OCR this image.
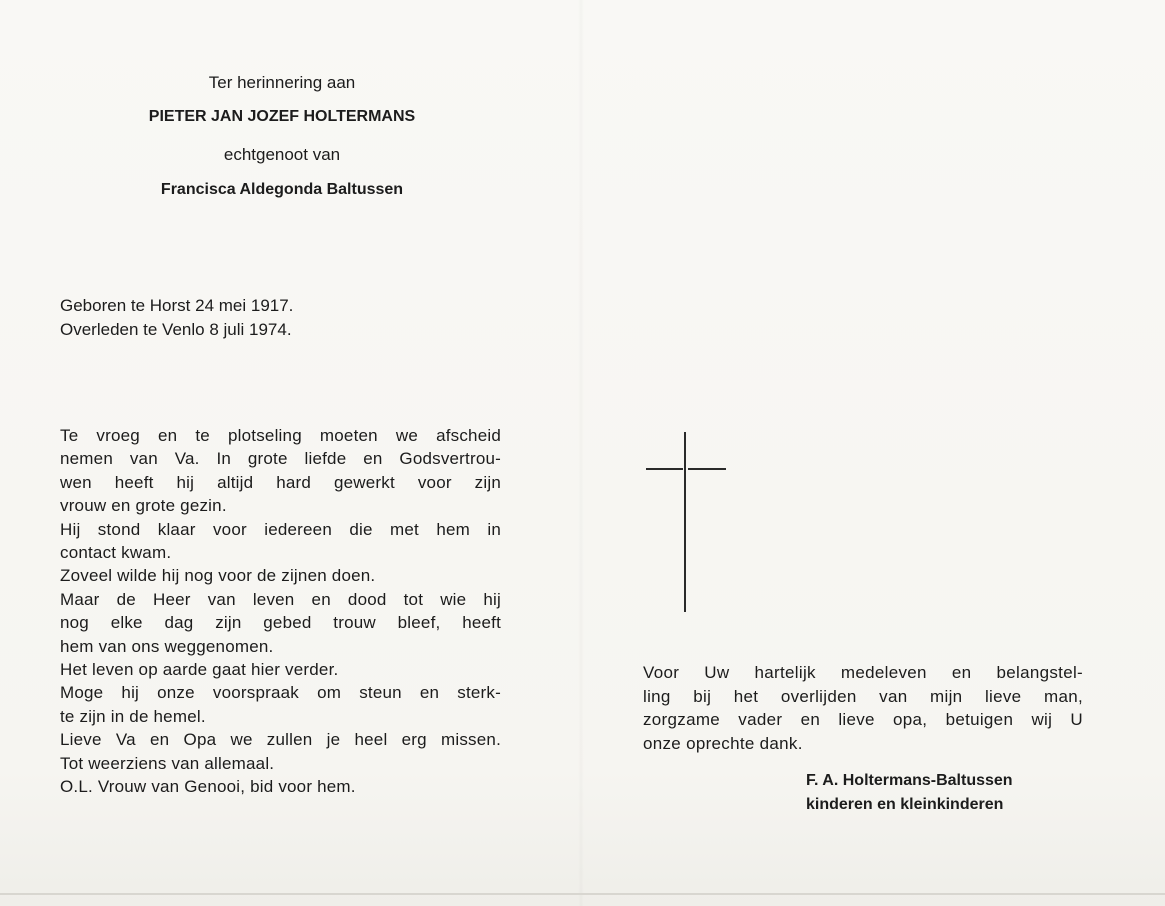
Ter herinnering aan
PIETER JAN JOZEF HOLTERMANS
echtgenoot van
Francisca Aldegonda Baltussen
Geboren te Horst 24 mei 1917.
Overleden te Venlo 8 juli 1974.
Te vroeg en te plotseling moeten we afscheid
nemen van Va. In grote liefde en Godsvertrou-
wen heeft hij altijd hard gewerkt voor zijn
vrouw en grote gezin.
Hij stond klaar voor iedereen die met hem in
contact kwam.
Zoveel wilde hij nog voor de zijnen doen.
Maar de Heer van leven en dood tot wie hij
nog elke dag zijn gebed trouw bleef, heeft
hem van ons weggenomen.
Het leven op aarde gaat hier verder.
Moge hij onze voorspraak om steun en sterk-
te zijn in de hemel.
Lieve Va en Opa we zullen je heel erg missen.
Tot weerziens van allemaal.
O.L. Vrouw van Genooi, bid voor hem.
Voor Uw hartelijk medeleven en belangstel-
ling bij het overlijden van mijn lieve man,
zorgzame vader en lieve opa, betuigen wij U
onze oprechte dank.
F. A. Holtermans-Baltussen
kinderen en kleinkinderen
